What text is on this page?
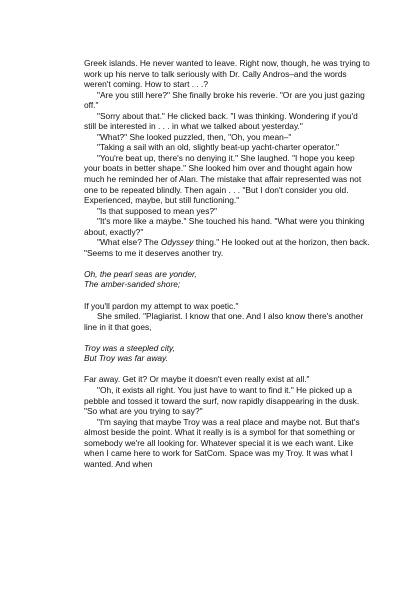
Greek islands. He never wanted to leave. Right now, though, he was trying to work up his nerve to talk seriously with Dr. Cally Andros–and the words weren't coming. How to start . . .?

"Are you still here?" She finally broke his reverie. "Or are you just gazing off."

"Sorry about that." He clicked back. "I was thinking. Wondering if you'd still be interested in . . . in what we talked about yesterday."

"What?" She looked puzzled, then, "Oh, you mean–"

"Taking a sail with an old, slightly beat-up yacht-charter operator."

"You're beat up, there's no denying it." She laughed. "I hope you keep your boats in better shape." She looked him over and thought again how much he reminded her of Alan. The mistake that affair represented was not one to be repeated blindly. Then again . . . "But I don't consider you old. Experienced, maybe, but still functioning."

"Is that supposed to mean yes?"

"It's more like a maybe." She touched his hand. "What were you thinking about, exactly?"

"What else? The Odyssey thing." He looked out at the horizon, then back. "Seems to me it deserves another try.

Oh, the pearl seas are yonder,

The amber-sanded shore;

If you'll pardon my attempt to wax poetic."

She smiled. "Plagiarist. I know that one. And I also know there's another line in it that goes,

Troy was a steepled city,

But Troy was far away.

Far away. Get it? Or maybe it doesn't even really exist at all."

"Oh, it exists all right. You just have to want to find it." He picked up a pebble and tossed it toward the surf, now rapidly disappearing in the dusk. "So what are you trying to say?"

"I'm saying that maybe Troy was a real place and maybe not. But that's almost beside the point. What it really is is a symbol for that something or somebody we're all looking for. Whatever special it is we each want. Like when I came here to work for SatCom. Space was my Troy. It was what I wanted. And when
